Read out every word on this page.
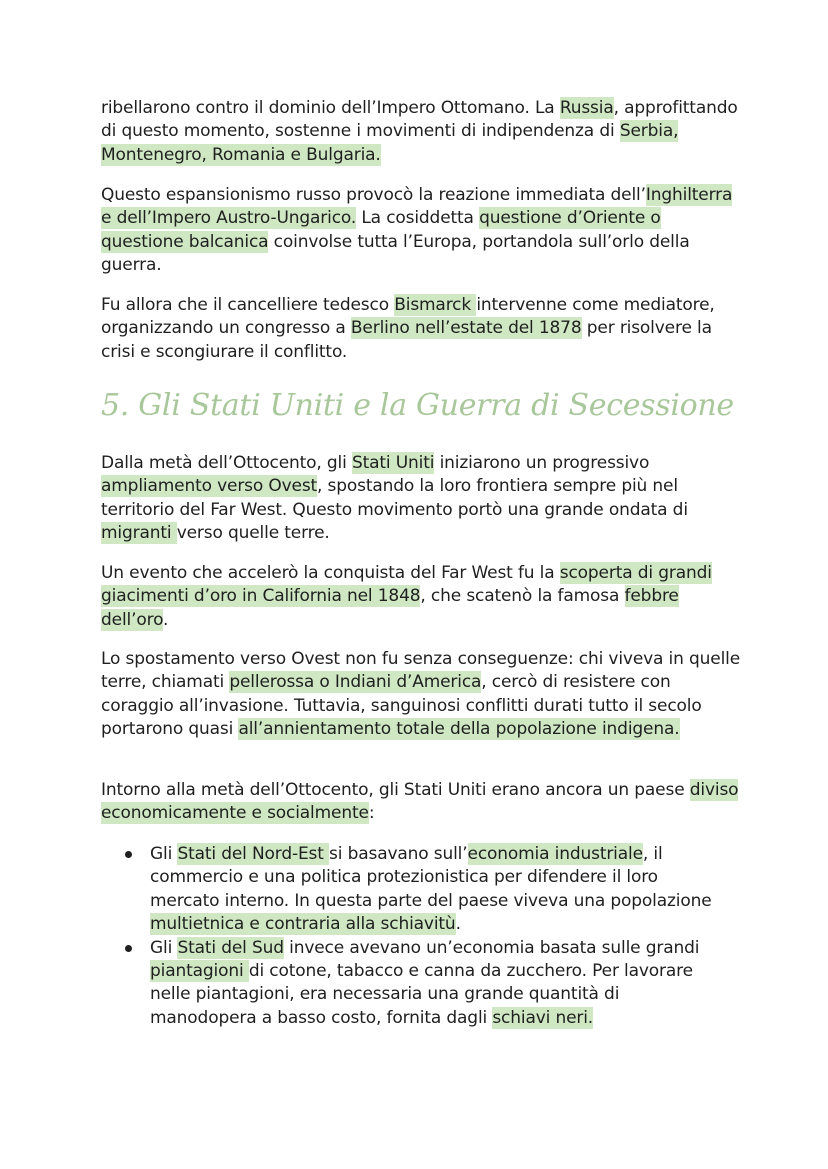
ribellarono contro il dominio dell’Impero Ottomano. La Russia, approfittando di questo momento, sostenne i movimenti di indipendenza di Serbia, Montenegro, Romania e Bulgaria.

Questo espansionismo russo provocò la reazione immediata dell’Inghilterra e dell’Impero Austro-Ungarico. La cosiddetta questione d’Oriente o questione balcanica coinvolse tutta l’Europa, portandola sull’orlo della guerra.

Fu allora che il cancelliere tedesco Bismarck intervenne come mediatore, organizzando un congresso a Berlino nell’estate del 1878 per risolvere la crisi e scongiurare il conflitto.

5. Gli Stati Uniti e la Guerra di Secessione

Dalla metà dell’Ottocento, gli Stati Uniti iniziarono un progressivo ampliamento verso Ovest, spostando la loro frontiera sempre più nel territorio del Far West. Questo movimento portò una grande ondata di migranti verso quelle terre.

Un evento che accelerò la conquista del Far West fu la scoperta di grandi giacimenti d’oro in California nel 1848, che scatenò la famosa febbre dell’oro.

Lo spostamento verso Ovest non fu senza conseguenze: chi viveva in quelle terre, chiamati pellerossa o Indiani d’America, cercò di resistere con coraggio all’invasione. Tuttavia, sanguinosi conflitti durati tutto il secolo portarono quasi all’annientamento totale della popolazione indigena.

Intorno alla metà dell’Ottocento, gli Stati Uniti erano ancora un paese diviso economicamente e socialmente:

Gli Stati del Nord-Est si basavano sull’economia industriale, il commercio e una politica protezionistica per difendere il loro mercato interno. In questa parte del paese viveva una popolazione multietnica e contraria alla schiavitù.
Gli Stati del Sud invece avevano un’economia basata sulle grandi piantagioni di cotone, tabacco e canna da zucchero. Per lavorare nelle piantagioni, era necessaria una grande quantità di manodopera a basso costo, fornita dagli schiavi neri.
